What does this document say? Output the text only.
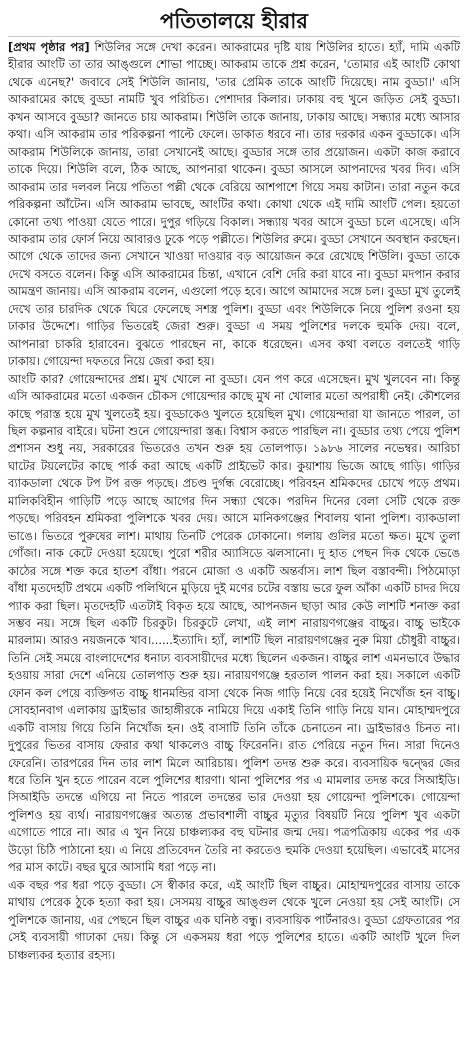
পতিতালয়ে হীরার

[প্রথম পৃষ্ঠার পর] শিউলির সঙ্গে দেখা করেন। আকরামের দৃষ্টি যায় শিউলির হাতে। হ্যাঁ, দামি একটি হীরার আংটি তা তার আঙ্গুলে শোভা পাচ্ছে। আকরাম তাকে প্রশ্ন করেন, 'তোমার এই আংটি কোথা থেকে এনেছ?' জবাবে সেই শিউলি জানায়, 'তার প্রেমিক তাকে আংটি দিয়েছে। নাম বুড্ডা।' এসি আকরামের কাছে বুড্ডা নামটি খুব পরিচিত। পেশাদার কিলার। ঢাকায় বহু খুনে জড়িত সেই বুড্ডা। কখন আসবে বুড্ডা? জানতে চায় আকরাম। শিউলি তাকে জানায়, ঢাকায় আছে। সন্ধ্যার মধ্যে আসার কথা। এসি আকরাম তার পরিকল্পনা পাল্টে ফেলে। ডাকাত ধরবে না। তার দরকার একন বুড্ডাকে। এসি আকরাম শিউলিকে জানায়, তারা সেখানেই আছে। বুড্ডার সঙ্গে তার প্রয়োজন। একটা কাজ করাবে তাকে দিয়ে। শিউলি বলে, ঠিক আছে, আপনারা থাকেন। বুড্ডা আসলে আপনাদের খবর দিব। এসি আকরাম তার দলবল নিয়ে পতিতা পল্লী থেকে বেরিয়ে আশপাশে গিয়ে সময় কাটান। তারা নতুন করে পরিকল্পনা আঁটেন। এসি আকরাম ভাবছে, আংটির কথা। কোথা থেকে এই দামি আংটি পেল। হয়তো কোনো তথ্য পাওয়া যেতে পারে। দুপুর গড়িয়ে বিকাল। সন্ধ্যায় খবর আসে বুড্ডা চলে এসেছে। এসি আকরাম তার ফোর্স নিয়ে আবারও ঢুকে পড়ে পল্লীতে। শিউলির রুমে। বুড্ডা সেখানে অবস্থান করছেন। আগে থেকে তাদের জন্য সেখানে খাওয়া দাওয়ার বড় আয়োজন করে রেখেছে শিউলি। বুড্ডা তাকে দেখে বসতে বলেন। কিন্তু এসি আকরামের চিন্তা, এখানে বেশি দেরি করা যাবে না। বুড্ডা মদপান করার আমন্ত্রণ জানায়। এসি আকরাম বলেন, এগুলো পড়ে হবে। আগে আমাদের সঙ্গে চল। বুড্ডা মুখ তুলেই দেখে তার চারদিক থেকে ঘিরে ফেলেছে সশস্ত্র পুলিশ। বুড্ডা এবং শিউলিকে নিয়ে পুলিশ রওনা হয় ঢাকার উদ্দেশে। গাড়ির ভিতরেই জেরা শুরু। বুড্ডা এ সময় পুলিশের দলকে হুমকি দেয়। বলে, আপনারা চাকরি হারাবেন। বুঝতে পারছেন না, কাকে ধরেছেন। এসব কথা বলতে বলতেই গাড়ি ঢাকায়। গোয়েন্দা দফতরে নিয়ে জেরা করা হয়।

আংটি কার? গোয়েন্দাদের প্রশ্ন। মুখ খোলে না বুড্ডা। যেন পণ করে এসেছেন। মুখ খুলবেন না। কিন্তু এসি আকরামের মতো একজন চৌকস গোয়েন্দার কাছে মুখ না খোলার মতো অপরাধী নেই। কৌশলের কাছে পরাস্ত হয়ে মুখ খুলতেই হয়। বুড্ডাকেও খুলতে হয়েছিল মুখ। গোয়েন্দারা যা জানতে পারল, তা ছিল কল্পনার বাইরে। ঘটনা শুনে গোয়েন্দারা স্তব্ধ। বিশ্বাস করতে পারছিল না। বুড্ডার তথ্য পেয়ে পুলিশ প্রশাসন শুধু নয়, সরকারের ভিতরেও তখন শুরু হয় তোলপাড়। ১৯৮৬ সালের নভেম্বর। আরিচা ঘাটের টয়লেটের কাছে পার্ক করা আছে একটি প্রাইভেট কার। কুয়াশায় ভিজে আছে গাড়ি। গাড়ির ব্যাকডালা থেকে টপ টপ রক্ত পড়ছে। প্রচণ্ড দুর্গন্ধ বেরোচ্ছে। পরিবহন শ্রমিকদের চোখে পড়ে প্রথম। মালিকবিহীন গাড়িটি পড়ে আছে আগের দিন সন্ধ্যা থেকে। পরদিন দিনের বেলা সেটি থেকে রক্ত পড়ছে। পরিবহন শ্রমিকরা পুলিশকে খবর দেয়। আসে মানিকগঞ্জের শিবালয় থানা পুলিশ। ব্যাকডালা ভাঙে। ভিতরে পুরুষের লাশ। মাথায় তিনটি পেরেক ঢোকানো। গলায় গুলির মতো ক্ষত। মুখে তুলা গোঁজা। নাক কেটে দেওয়া হয়েছে। পুরো শরীর অ্যাসিডে ঝলসানো। দু হাত পেছন দিক থেকে ভেঙে কাঠের সঙ্গে শক্ত করে হাতশ বাঁধা। পরনে মোজা ও একটি অন্তর্বাস। লাশ ছিল বস্তাবন্দী। পিঠমোড়া বাঁধা মৃতদেহটি প্রথমে একটি পলিথিনে মুড়িয়ে দুই মণের চটের বস্তায় ভরে ফুল আঁকা একটি চাদর দিয়ে প্যাক করা ছিল। মৃতদেহটি এতটাই বিকৃত হয়ে আছে, আপনজন ছাড়া আর কেউ লাশটি শনাক্ত করা সম্ভব নয়। সঙ্গে ছিল একটি চিরকুট। চিরকুটে লেখা, এই লাশ নারায়ণগঞ্জের বাচ্চুর। বাচ্চু ভাইকে মারলাম। আরও নয়জনকে খাব।......ইত্যাদি। হ্যাঁ, লাশটি ছিল নারায়ণগঞ্জের নুরু মিয়া চৌধুরী বাচ্চুর। তিনি সেই সময়ে বাংলাদেশের ধনাঢ্য ব্যবসায়ীদের মধ্যে ছিলেন একজন। বাচ্চুর লাশ এমনভাবে উদ্ধার হওয়ায় সারা দেশে এনিয়ে তোলপাড় শুরু হয়। নারায়ণগঞ্জে হরতাল পালন করা হয়। সকালে একটি ফোন কল পেয়ে ব্যক্তিগত বাচ্চু ধানমন্ডির বাসা থেকে নিজ গাড়ি নিয়ে বের হয়েই নিখোঁজ হন বাচ্চু। সোবহানবাগ এলাকায় ড্রাইভার জাহাঙ্গীরকে নামিয়ে দিয়ে একাই তিনি গাড়ি নিয়ে যান। মোহাম্মদপুরে একটি বাসায় গিয়ে তিনি নিখোঁজ হন। ওই বাসাটি তিনি তাঁকে চেনাতেন না। ড্রাইভারও চিনত না। দুপুরের ভিতর বাসায় ফেরার কথা থাকলেও বাচ্চু ফিরেননি। রাত পেরিয়ে নতুন দিন। সারা দিনেও ফেরেনি। তারপরের দিন তার লাশ মিলে আরিচায়। পুলিশ তদন্ত শুরু করে। ব্যবসায়িক দ্বন্দ্বের জের ধরে তিনি খুন হতে পারেন বলে পুলিশের ধারণা। থানা পুলিশের পর এ মামলার তদন্ত করে সিআইডি। সিআইডি তদন্তে এগিয়ে না নিতে পারলে তদন্তের ভার দেওয়া হয় গোয়েন্দা পুলিশকে। গোয়েন্দা পুলিশও হয় ব্যর্থ। নারায়ণগঞ্জের অত্যন্ত প্রভাবশালী বাচ্চুর মৃত্যুর বিষয়টি নিয়ে পুলিশ খুব একটা এগোতে পারে না। আর এ খুন নিয়ে চাঞ্চল্যকর বহু ঘটনার জন্ম দেয়। পত্রপত্রিকায় একের পর এক উড়ো চিঠি পাঠানো হয়। এ নিয়ে প্রতিবেদন তৈরি না করতেও হুমকি দেওয়া হয়েছিল। এভাবেই মাসের পর মাস কাটে। বছর ঘুরে আসামি ধরা পড়ে না।

এক বছর পর ধরা পড়ে বুড্ডা। সে স্বীকার করে, এই আংটি ছিল বাচ্চুর। মোহাম্মদপুরের বাসায় তাকে মাথায় পেরেক ঠুকে হত্যা করা হয়। সেসময় বাচ্চুর আঙ্গুল থেকে খুলে নেওয়া হয় সেই আংটি। সে পুলিশকে জানায়, এর পেছনে ছিল বাচ্চুর এক ঘনিষ্ঠ বন্ধু। ব্যবসায়িক পার্টনারও। বুড্ডা গ্রেফতারের পর সেই ব্যবসায়ী গাঢাকা দেয়। কিন্তু সে একসময় ধরা পড়ে পুলিশের হাতে। একটি আংটি খুলে দিল চাঞ্চল্যকর হত্যার রহস্য।
